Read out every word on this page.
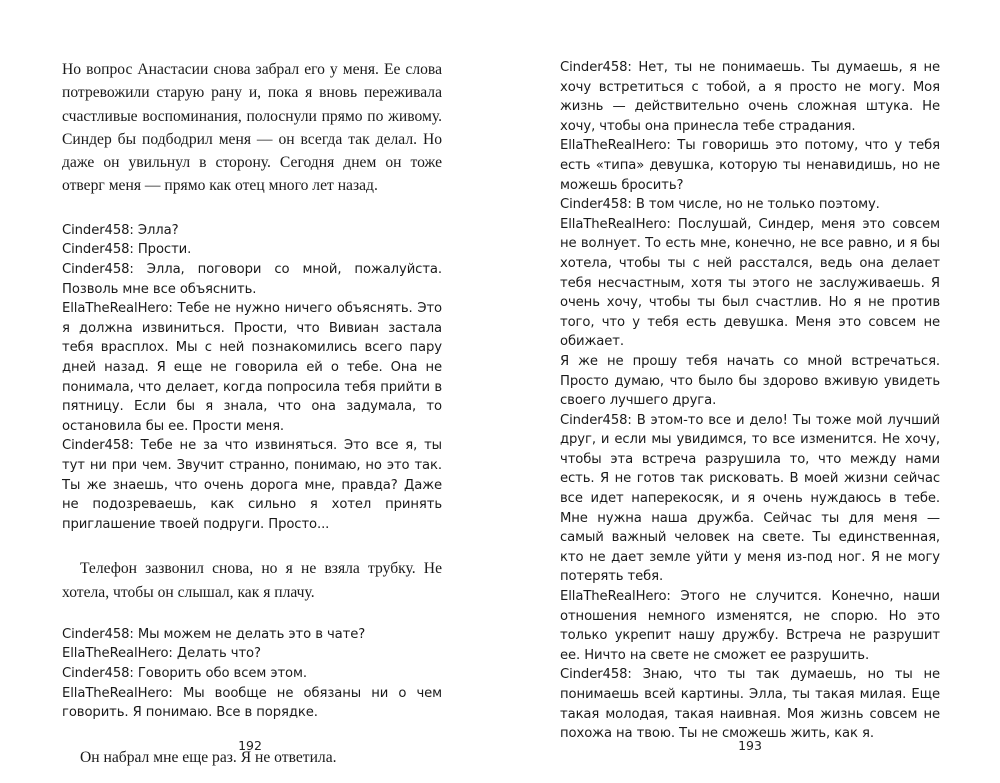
Но вопрос Анастасии снова забрал его у меня. Ее слова потревожили старую рану и, пока я вновь переживала счастливые воспоминания, полоснули прямо по живому. Синдер бы подбодрил меня — он всегда так делал. Но даже он увильнул в сторону. Сегодня днем он тоже отверг меня — прямо как отец много лет назад.

Cinder458: Элла?

Cinder458: Прости.

Cinder458: Элла, поговори со мной, пожалуйста. Позволь мне все объяснить.

EllaTheRealHero: Тебе не нужно ничего объяснять. Это я должна извиниться. Прости, что Вивиан застала тебя врасплох. Мы с ней познакомились всего пару дней назад. Я еще не говорила ей о тебе. Она не понимала, что делает, когда попросила тебя прийти в пятницу. Если бы я знала, что она задумала, то остановила бы ее. Прости меня.

Cinder458: Тебе не за что извиняться. Это все я, ты тут ни при чем. Звучит странно, понимаю, но это так. Ты же знаешь, что очень дорога мне, правда? Даже не подозреваешь, как сильно я хотел принять приглашение твоей подруги. Просто...

Телефон зазвонил снова, но я не взяла трубку. Не хотела, чтобы он слышал, как я плачу.

Cinder458: Мы можем не делать это в чате?

EllaTheRealHero: Делать что?

Cinder458: Говорить обо всем этом.

EllaTheRealHero: Мы вообще не обязаны ни о чем говорить. Я понимаю. Все в порядке.

Он набрал мне еще раз. Я не ответила.

192

Cinder458: Нет, ты не понимаешь. Ты думаешь, я не хочу встретиться с тобой, а я просто не могу. Моя жизнь — действительно очень сложная штука. Не хочу, чтобы она принесла тебе страдания.

EllaTheRealHero: Ты говоришь это потому, что у тебя есть «типа» девушка, которую ты ненавидишь, но не можешь бросить?

Cinder458: В том числе, но не только поэтому.

EllaTheRealHero: Послушай, Синдер, меня это совсем не волнует. То есть мне, конечно, не все равно, и я бы хотела, чтобы ты с ней расстался, ведь она делает тебя несчастным, хотя ты этого не заслуживаешь. Я очень хочу, чтобы ты был счастлив. Но я не против того, что у тебя есть девушка. Меня это совсем не обижает.

Я же не прошу тебя начать со мной встречаться. Просто думаю, что было бы здорово вживую увидеть своего лучшего друга.

Cinder458: В этом-то все и дело! Ты тоже мой лучший друг, и если мы увидимся, то все изменится. Не хочу, чтобы эта встреча разрушила то, что между нами есть. Я не готов так рисковать. В моей жизни сейчас все идет наперекосяк, и я очень нуждаюсь в тебе. Мне нужна наша дружба. Сейчас ты для меня — самый важный человек на свете. Ты единственная, кто не дает земле уйти у меня из-под ног. Я не могу потерять тебя.

EllaTheRealHero: Этого не случится. Конечно, наши отношения немного изменятся, не спорю. Но это только укрепит нашу дружбу. Встреча не разрушит ее. Ничто на свете не сможет ее разрушить.

Cinder458: Знаю, что ты так думаешь, но ты не понимаешь всей картины. Элла, ты такая милая. Еще такая молодая, такая наивная. Моя жизнь совсем не похожа на твою. Ты не сможешь жить, как я.

193
